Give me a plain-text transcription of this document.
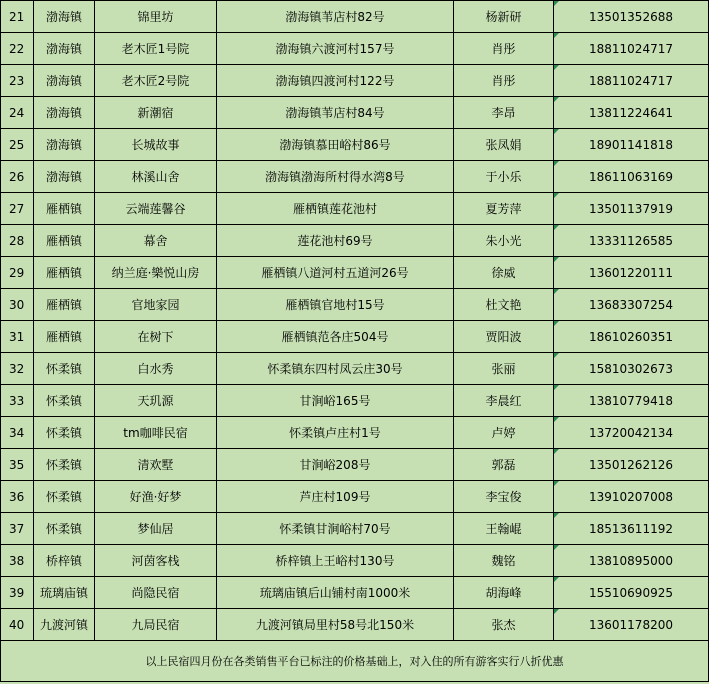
21	渤海镇	锦里坊	渤海镇苇店村82号	杨新研	13501352688
22	渤海镇	老木匠1号院	渤海镇六渡河村157号	肖彤	18811024717
23	渤海镇	老木匠2号院	渤海镇四渡河村122号	肖彤	18811024717
24	渤海镇	新潮宿	渤海镇苇店村84号	李昂	13811224641
25	渤海镇	长城故事	渤海镇慕田峪村86号	张凤娟	18901141818
26	渤海镇	林溪山舍	渤海镇渤海所村得水湾8号	于小乐	18611063169
27	雁栖镇	云端莲馨谷	雁栖镇莲花池村	夏芳萍	13501137919
28	雁栖镇	幕舍	莲花池村69号	朱小光	13331126585
29	雁栖镇	纳兰庭·樂悦山房	雁栖镇八道河村五道河26号	徐威	13601220111
30	雁栖镇	官地家园	雁栖镇官地村15号	杜文艳	13683307254
31	雁栖镇	在树下	雁栖镇范各庄504号	贾阳波	18610260351
32	怀柔镇	白水秀	怀柔镇东四村凤云庄30号	张丽	15810302673
33	怀柔镇	天玑源	甘涧峪165号	李晨红	13810779418
34	怀柔镇	tm咖啡民宿	怀柔镇卢庄村1号	卢婷	13720042134
35	怀柔镇	清欢墅	甘涧峪208号	郭磊	13501262126
36	怀柔镇	好渔·好梦	芦庄村109号	李宝俊	13910207008
37	怀柔镇	梦仙居	怀柔镇甘涧峪村70号	王翰崐	18513611192
38	桥梓镇	河茵客栈	桥梓镇上王峪村130号	魏铭	13810895000
39	琉璃庙镇	尚隐民宿	琉璃庙镇后山铺村南1000米	胡海峰	15510690925
40	九渡河镇	九局民宿	九渡河镇局里村58号北150米	张杰	13601178200
以上民宿四月份在各类销售平台已标注的价格基础上，对入住的所有游客实行八折优惠					
